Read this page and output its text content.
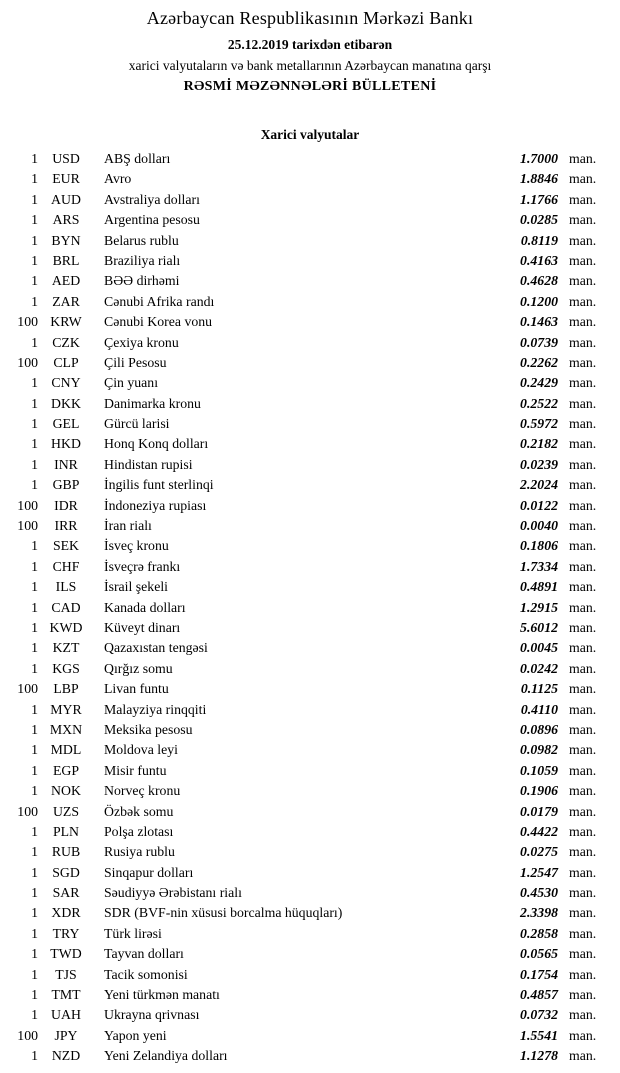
Azərbaycan Respublikasının Mərkəzi Bankı
25.12.2019 tarixdən etibarən
xarici valyutaların və bank metallarının Azərbaycan manatına qarşı
RƏSMİ MƏZƏNNƏLƏRİ BÜLLETENİ
Xarici valyutalar
1	USD	ABŞ dolları	1.7000 man.
1	EUR	Avro	1.8846 man.
1 AUD	Avstraliya dolları	1.1766 man.
1	ARS	Argentina pesosu	0.0285 man.
1 BYN	Belarus rublu	0.8119 man.
1	BRL	Braziliya rialı	0.4163 man.
1	AED	BƏƏ dirhəmi	0.4628 man.
1	ZAR	Cənubi Afrika randı	0.1200 man.
100 KRW	Cənubi Korea vonu	0.1463 man.
1	CZK	Çexiya kronu	0.0739 man.
100	CLP	Çili Pesosu	0.2262 man.
1 CNY	Çin yuanı	0.2429 man.
1 DKK	Danimarka kronu	0.2522 man.
1	GEL	Gürcü larisi	0.5972 man.
1 HKD	Honq Konq dolları	0.2182 man.
1	INR	Hindistan rupisi	0.0239 man.
1	GBP	İngilis funt sterlinqi	2.2024 man.
100	IDR	İndoneziya rupiası	0.0122 man.
100	IRR	İran rialı	0.0040 man.
1	SEK	İsveç kronu	0.1806 man.
1	CHF	İsveçrə frankı	1.7334 man.
1	ILS	İsrail şekeli	0.4891 man.
1 CAD	Kanada dolları	1.2915 man.
1 KWD	Küveyt dinarı	5.6012 man.
1	KZT	Qazaxıstan tengəsi	0.0045 man.
1	KGS	Qırğız somu	0.0242 man.
100	LBP	Livan funtu	0.1125 man.
1 MYR	Malayziya rinqqiti	0.4110 man.
1 MXN	Meksika pesosu	0.0896 man.
1 MDL	Moldova leyi	0.0982 man.
1	EGP	Misir funtu	0.1059 man.
1 NOK	Norveç kronu	0.1906 man.
100	UZS	Özbək somu	0.0179 man.
1	PLN	Polşa zlotası	0.4422 man.
1	RUB	Rusiya rublu	0.0275 man.
1	SGD	Sinqapur dolları	1.2547 man.
1	SAR	Səudiyyə Ərəbistanı rialı	0.4530 man.
1 XDR	SDR (BVF-nin xüsusi borcalma hüquqları)	2.3398 man.
1	TRY	Türk lirəsi	0.2858 man.
1 TWD	Tayvan dolları	0.0565 man.
1	TJS	Tacik somonisi	0.1754 man.
1 TMT	Yeni türkmən manatı	0.4857 man.
1 UAH	Ukrayna qrivnası	0.0732 man.
100	JPY	Yapon yeni	1.5541 man.
1	NZD	Yeni Zelandiya dolları	1.1278 man.
